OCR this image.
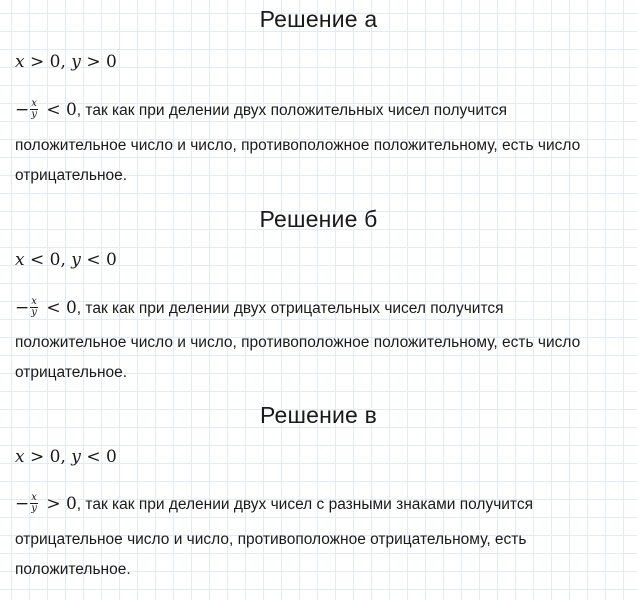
Решение а
x > 0, y > 0
− $\frac{x}{y} < 0$, так как при делении двух положительных чисел получится
положительное число и число, противоположное положительному, есть число
отрицательное.
Решение б
x < 0, y < 0
− $\frac{x}{y} < 0$, так как при делении двух отрицательных чисел получится
положительное число и число, противоположное положительному, есть число
отрицательное.
Решение в
x > 0, y < 0
− $\frac{x}{y} > 0$, так как при делении двух чисел с разными знаками получится
отрицательное число и число, противоположное отрицательному, есть
положительное.
